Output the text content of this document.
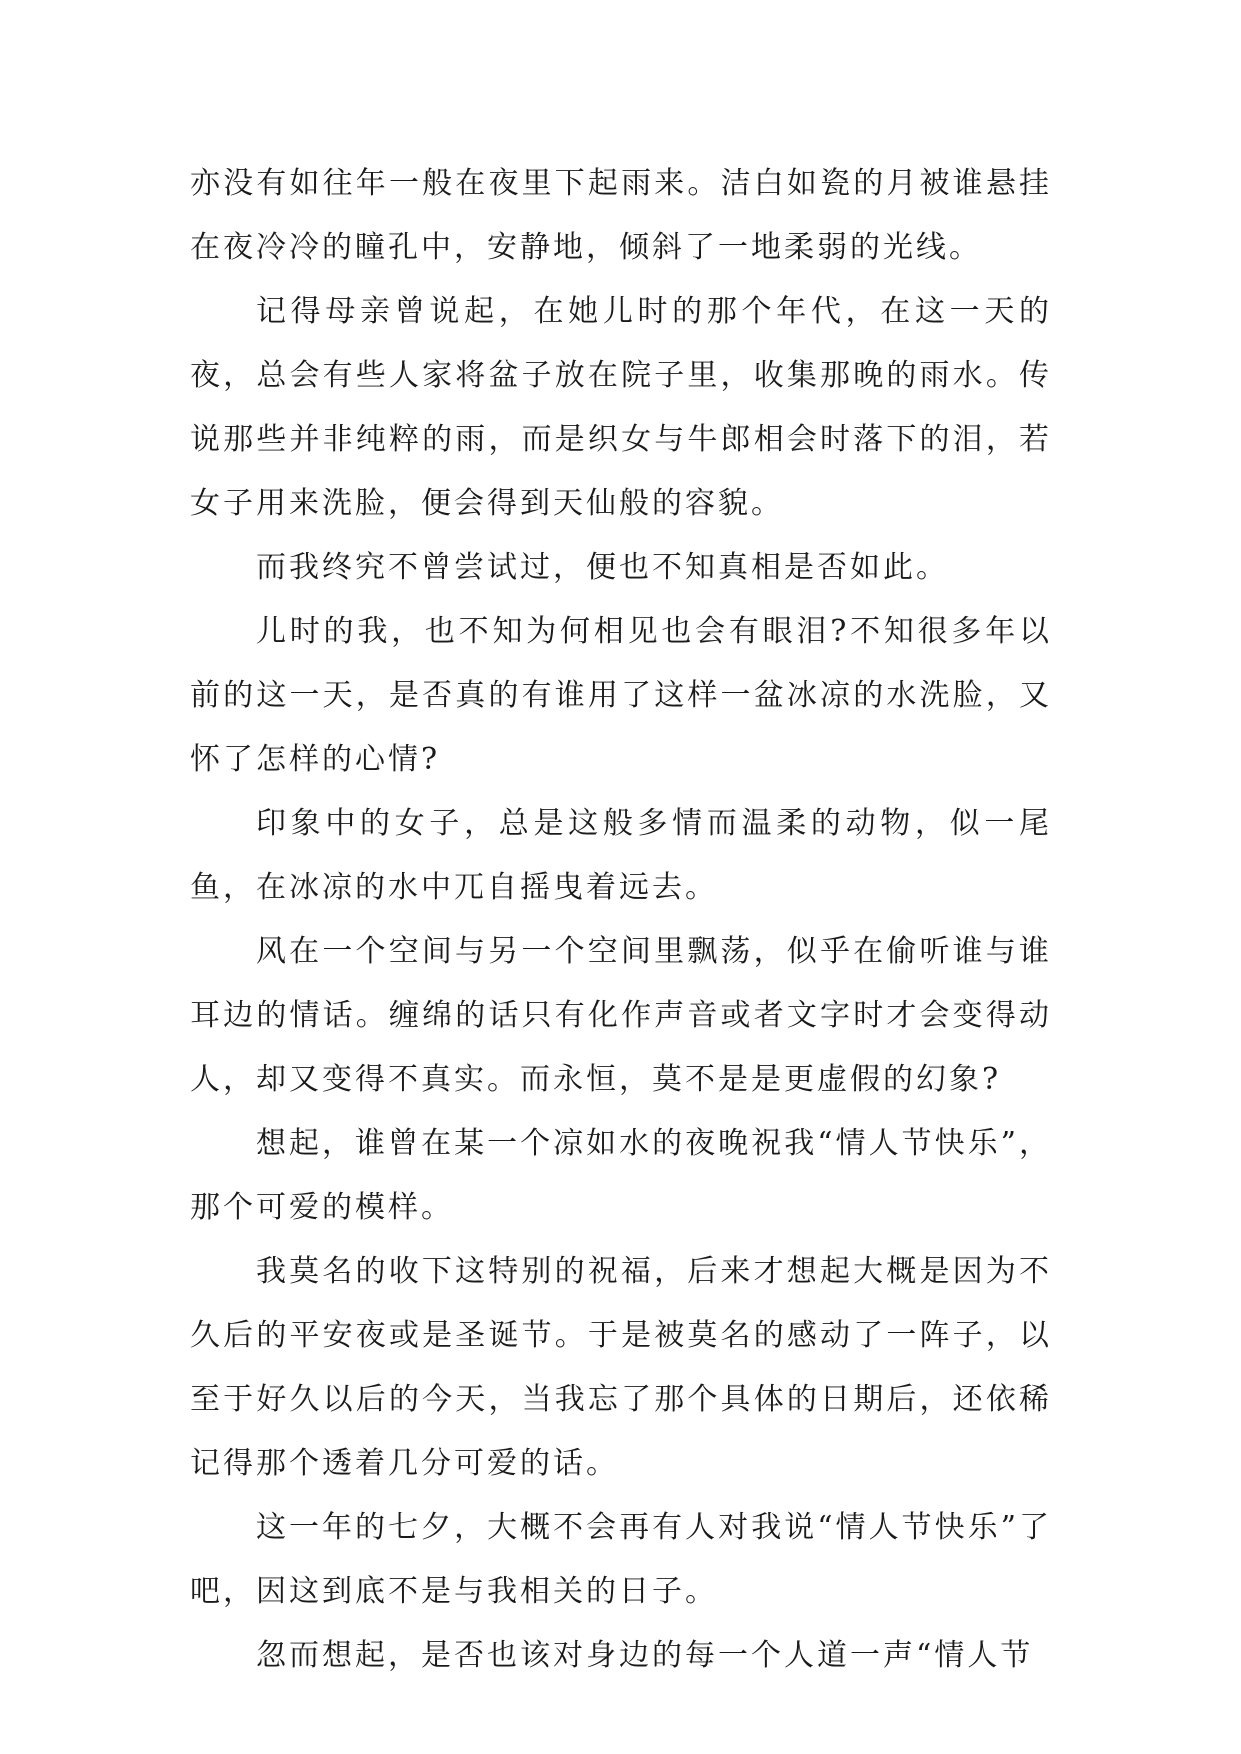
亦没有如往年一般在夜里下起雨来。洁白如瓷的月被谁悬挂在夜冷冷的瞳孔中，安静地，倾斜了一地柔弱的光线。

记得母亲曾说起，在她儿时的那个年代，在这一天的夜，总会有些人家将盆子放在院子里，收集那晚的雨水。传说那些并非纯粹的雨，而是织女与牛郎相会时落下的泪，若女子用来洗脸，便会得到天仙般的容貌。

而我终究不曾尝试过，便也不知真相是否如此。

儿时的我，也不知为何相见也会有眼泪?不知很多年以前的这一天，是否真的有谁用了这样一盆冰凉的水洗脸，又怀了怎样的心情?

印象中的女子，总是这般多情而温柔的动物，似一尾鱼，在冰凉的水中兀自摇曳着远去。

风在一个空间与另一个空间里飘荡，似乎在偷听谁与谁耳边的情话。缠绵的话只有化作声音或者文字时才会变得动人，却又变得不真实。而永恒，莫不是是更虚假的幻象?

想起，谁曾在某一个凉如水的夜晚祝我“情人节快乐”，那个可爱的模样。

我莫名的收下这特别的祝福，后来才想起大概是因为不久后的平安夜或是圣诞节。于是被莫名的感动了一阵子，以至于好久以后的今天，当我忘了那个具体的日期后，还依稀记得那个透着几分可爱的话。

这一年的七夕，大概不会再有人对我说“情人节快乐”了吧，因这到底不是与我相关的日子。

忽而想起，是否也该对身边的每一个人道一声“情人节
